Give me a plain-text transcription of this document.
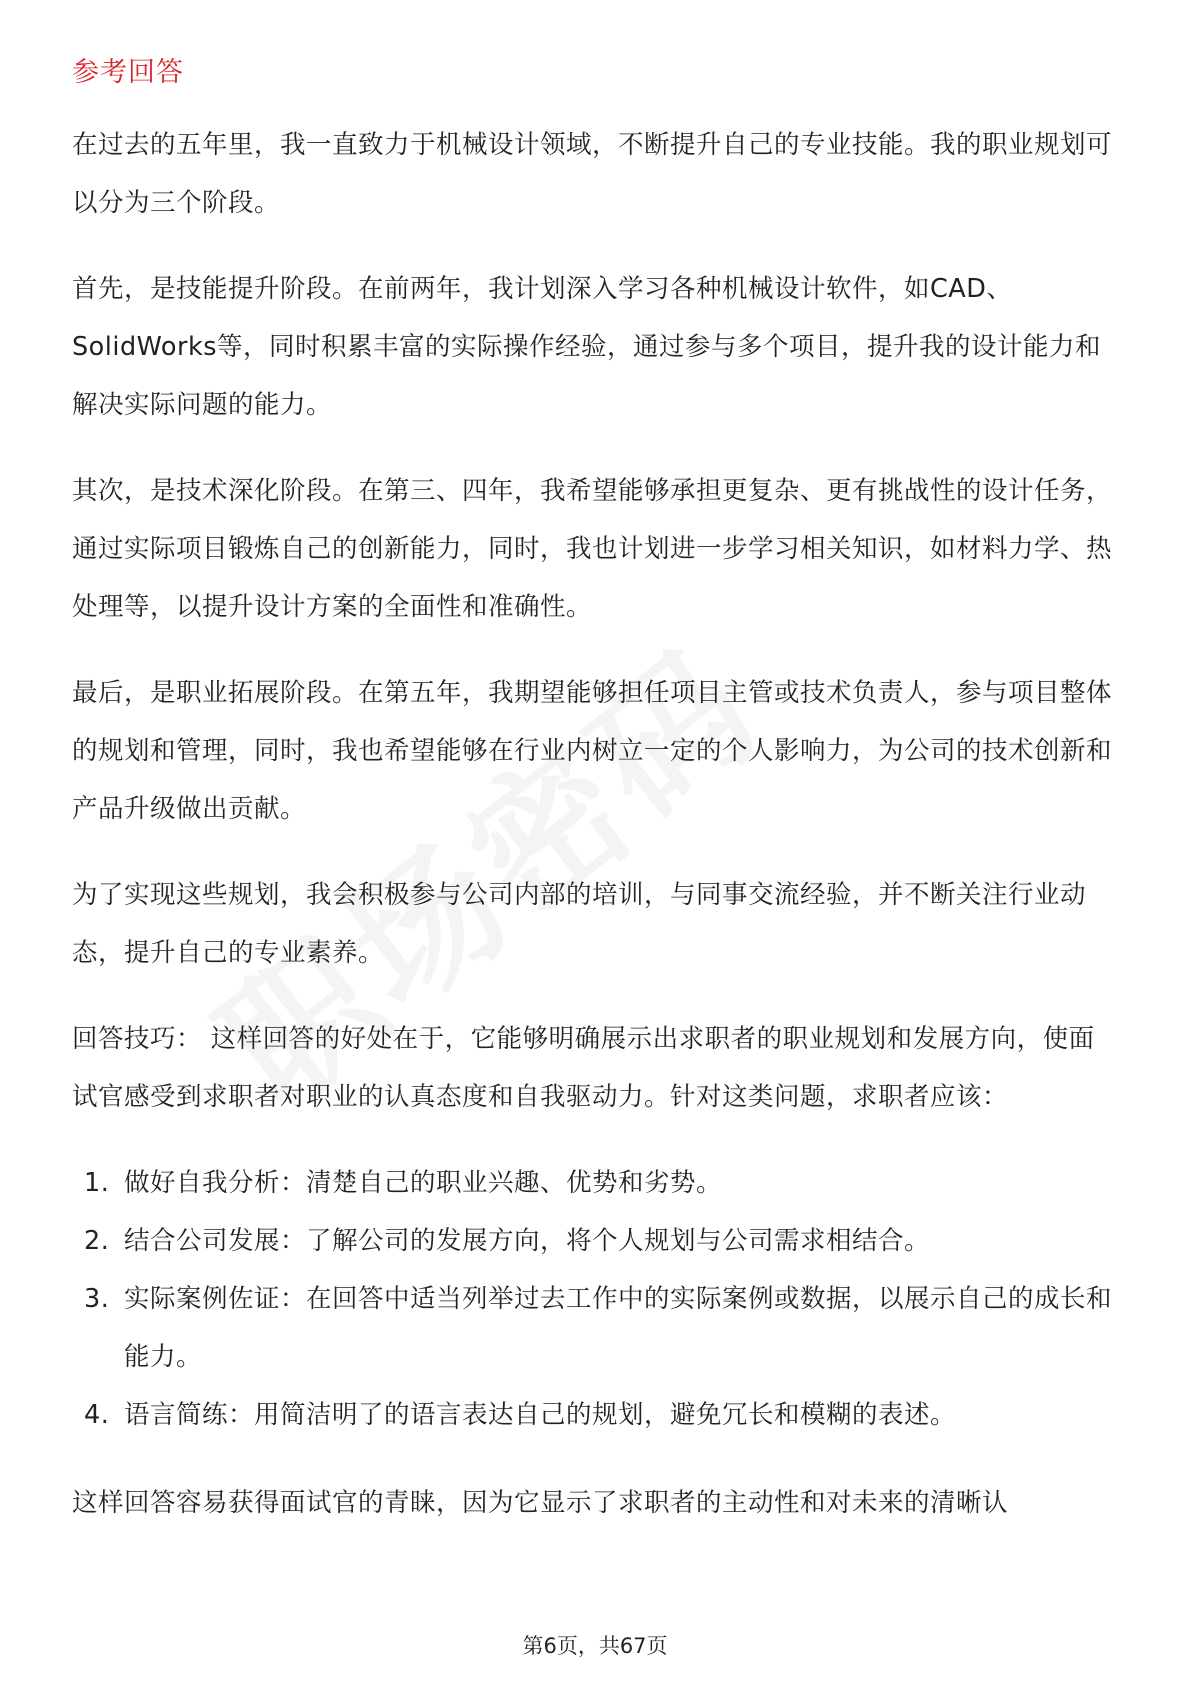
参考回答

在过去的五年里，我一直致力于机械设计领域，不断提升自己的专业技能。我的职业规划可以分为三个阶段。

首先，是技能提升阶段。在前两年，我计划深入学习各种机械设计软件，如CAD、SolidWorks等，同时积累丰富的实际操作经验，通过参与多个项目，提升我的设计能力和解决实际问题的能力。

其次，是技术深化阶段。在第三、四年，我希望能够承担更复杂、更有挑战性的设计任务，通过实际项目锻炼自己的创新能力，同时，我也计划进一步学习相关知识，如材料力学、热处理等，以提升设计方案的全面性和准确性。

最后，是职业拓展阶段。在第五年，我期望能够担任项目主管或技术负责人，参与项目整体的规划和管理，同时，我也希望能够在行业内树立一定的个人影响力，为公司的技术创新和产品升级做出贡献。

为了实现这些规划，我会积极参与公司内部的培训，与同事交流经验，并不断关注行业动态，提升自己的专业素养。

回答技巧： 这样回答的好处在于，它能够明确展示出求职者的职业规划和发展方向，使面试官感受到求职者对职业的认真态度和自我驱动力。针对这类问题，求职者应该：

1. 做好自我分析：清楚自己的职业兴趣、优势和劣势。
2. 结合公司发展：了解公司的发展方向，将个人规划与公司需求相结合。
3. 实际案例佐证：在回答中适当列举过去工作中的实际案例或数据，以展示自己的成长和能力。
4. 语言简练：用简洁明了的语言表达自己的规划，避免冗长和模糊的表述。

这样回答容易获得面试官的青睐，因为它显示了求职者的主动性和对未来的清晰认

第6页，共67页
